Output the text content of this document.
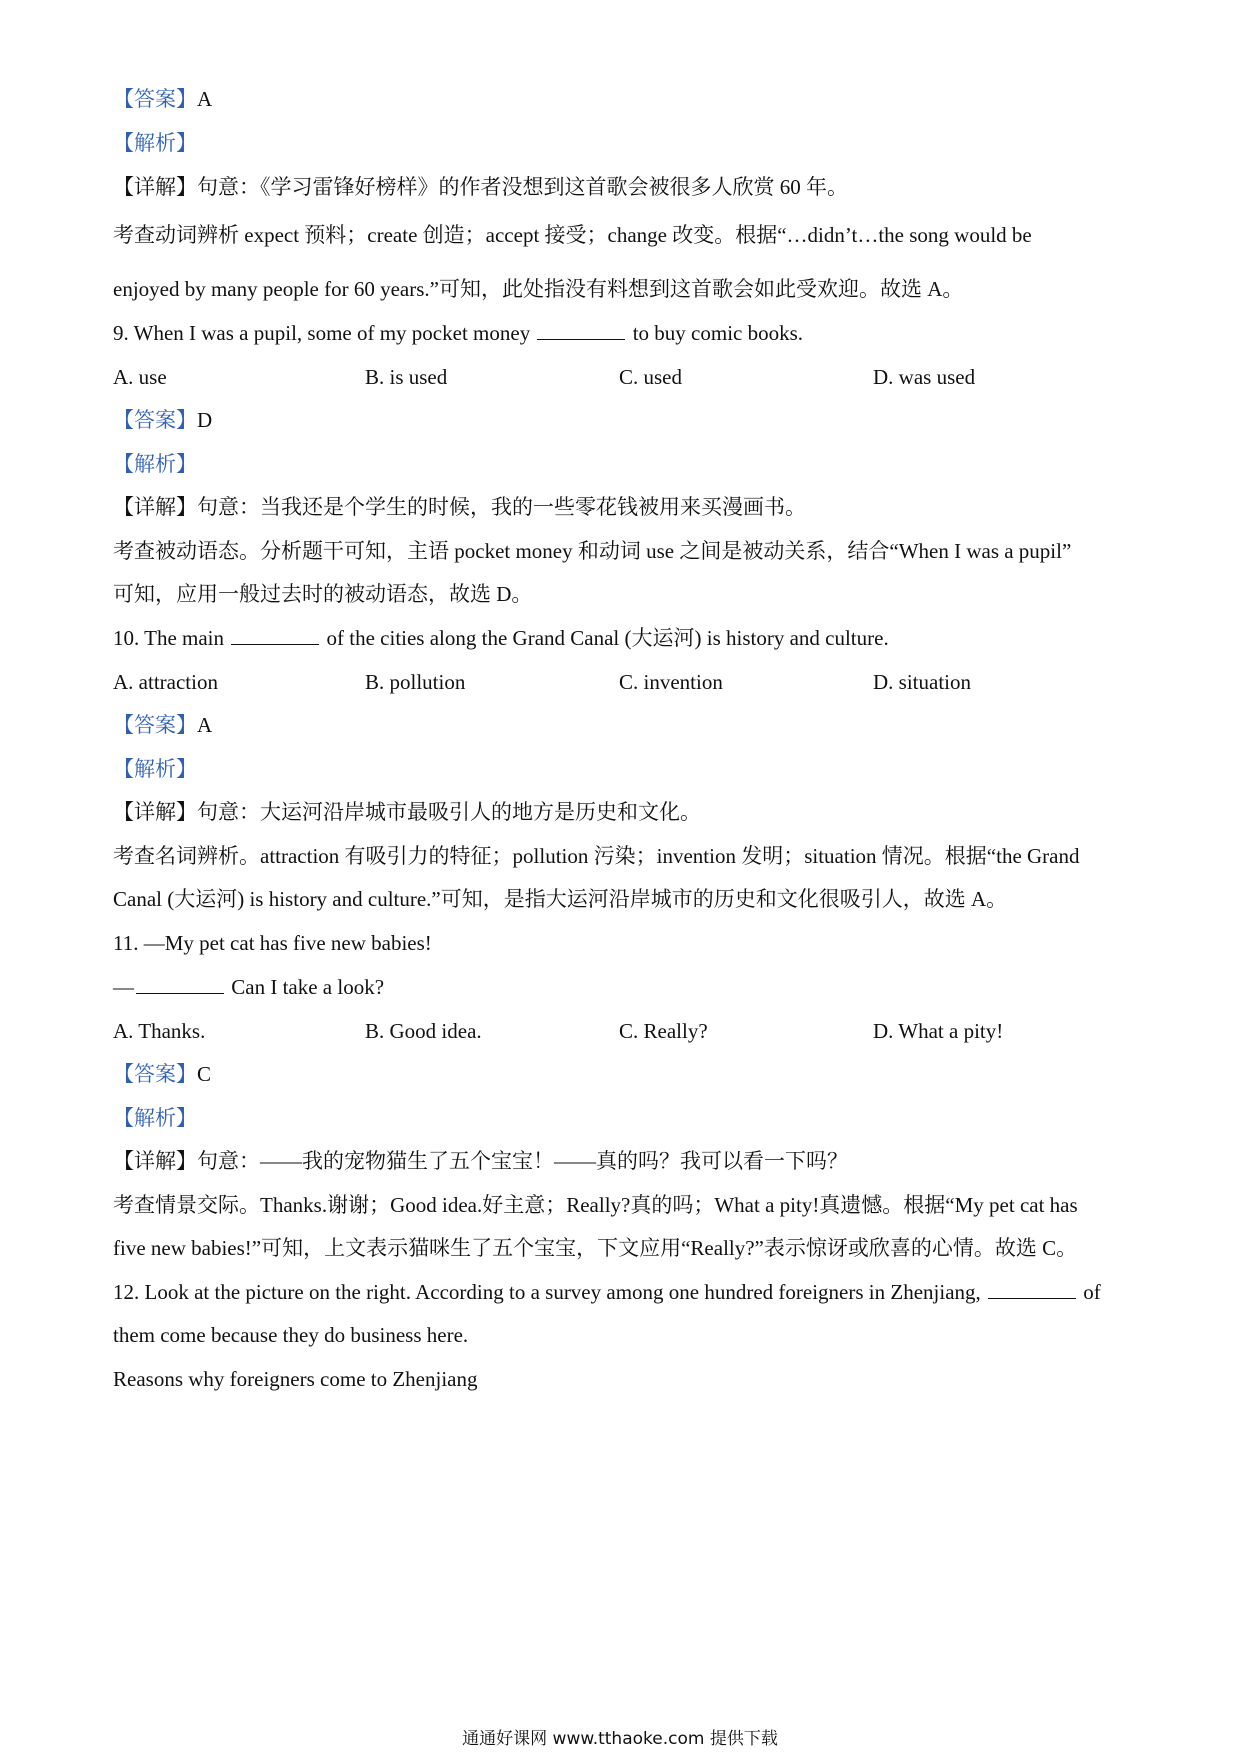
【答案】A
【解析】
【详解】句意：《学习雷锋好榜样》的作者没想到这首歌会被很多人欣赏 60 年。
考查动词辨析 expect 预料；create 创造；accept 接受；change 改变。根据“…didn’t…the song would be
enjoyed by many people for 60 years.”可知，此处指没有料想到这首歌会如此受欢迎。故选 A。
9. When I was a pupil, some of my pocket money	to buy comic books.
A. use	B. is used	C. used	D. was used
【答案】D
【解析】
【详解】句意：当我还是个学生的时候，我的一些零花钱被用来买漫画书。
考查被动语态。分析题干可知，主语 pocket money 和动词 use 之间是被动关系，结合“When I was a pupil”
可知，应用一般过去时的被动语态，故选 D。
10. The main	of the cities along the Grand Canal (大运河) is history and culture.
A. attraction	B. pollution	C. invention	D. situation
【答案】A
【解析】
【详解】句意：大运河沿岸城市最吸引人的地方是历史和文化。
考查名词辨析。attraction 有吸引力的特征；pollution 污染；invention 发明；situation 情况。根据“the Grand
Canal (大运河) is history and culture.”可知，是指大运河沿岸城市的历史和文化很吸引人，故选 A。
11. —My pet cat has five new babies!
—	Can I take a look?
A. Thanks.	B. Good idea.	C. Really?	D. What a pity!
【答案】C
【解析】
【详解】句意：——我的宠物猫生了五个宝宝！——真的吗？我可以看一下吗？
考查情景交际。Thanks.谢谢；Good idea.好主意；Really?真的吗；What a pity!真遗憾。根据“My pet cat has
five new babies!”可知，上文表示猫咪生了五个宝宝，下文应用“Really?”表示惊讶或欣喜的心情。故选 C。
12. Look at the picture on the right. According to a survey among one hundred foreigners in Zhenjiang,	of
them come because they do business here.
Reasons why foreigners come to Zhenjiang
通通好课网 www.tthaoke.com 提供下载
